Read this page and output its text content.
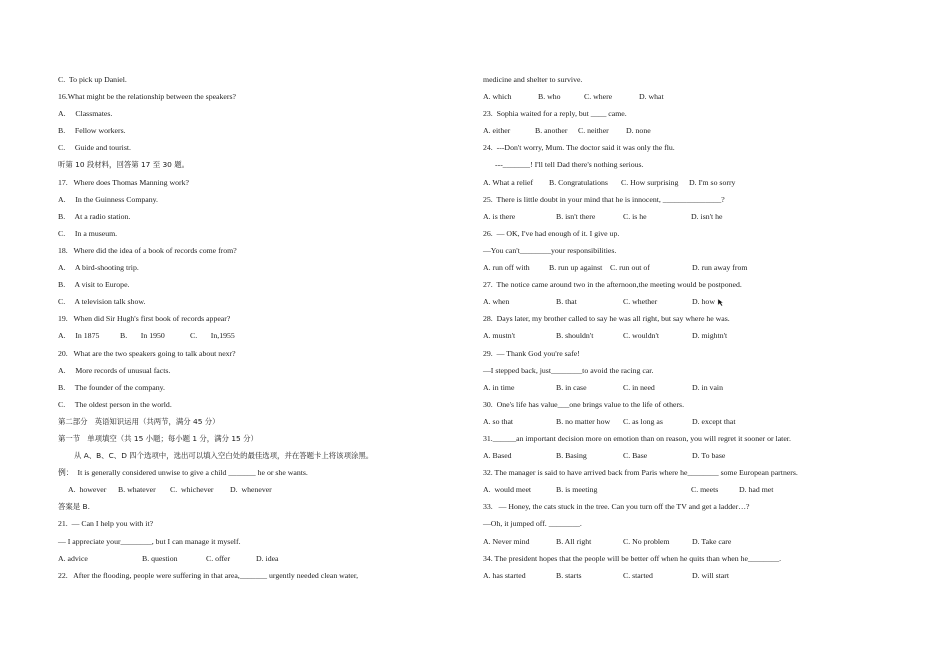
C.  To pick up Daniel.
16.What might be the relationship between the speakers?
A.     Classmates.
B.     Fellow workers.
C.     Guide and tourist.
听第 10 段材料，回答第 17 至 30 题。
17.   Where does Thomas Manning work?
A.     In the Guinness Company.
B.     At a radio station.
C.     In a museum.
18.   Where did the idea of a book of records come from?
A.     A bird-shooting trip.
B.     A visit to Europe.
C.     A television talk show.
19.   When did Sir Hugh's first book of records appear?
A.     In 1875	B.       In 1950	C.       In,1955
20.   What are the two speakers going to talk about nexr?
A.     More records of unusual facts.
B.     The founder of the company.
C.     The oldest person in the world.
第二部分   英语知识运用（共两节，满分 45 分）
第一节   单项填空（共 15 小题；每小题 1 分，满分 15 分）
从 A、B、C、D 四个选项中，选出可以填入空白处的最佳选项，并在答题卡上将该项涂黑。
例：  It is generally considered unwise to give a child _______ he or she wants.
A.  however B. whatever C.  whichever D.  whenever
答案是 B.
21.  — Can I help you with it?
— I appreciate your________, but I can manage it myself.
A. advice	B. question	C. offer	D. idea
22.   After the flooding, people were suffering in that area,_______ urgently needed clean water,
medicine and shelter to survive.
A. which	B. who	C. where	D. what
23.  Sophia waited for a reply, but ____ came.
A. either	B. another C. neither D. none
24.  ---Don't worry, Mum. The doctor said it was only the flu.
---_______! I'll tell Dad there's nothing serious.
A. What a relief B. Congratulations C. How surprising D. I'm so sorry
25.  There is little doubt in your mind that he is innocent, _______________?
A. is there	B. isn't there	C. is he	D. isn't he
26.  — OK, I've had enough of it. I give up.
—You can't________your responsibilities.
A. run off with B. run up against C. run out of	D. run away from
27.  The notice came around two in the afternoon,the meeting would be postponed.
A. when	B. that	C. whether	D. how
28.  Days later, my brother called to say he was all right, but say where he was.
A. mustn't	B. shouldn't	C. wouldn't	D. mightn't
29.  — Thank God you're safe!
—I stepped back, just________to avoid the racing car.
A. in time	B. in case	C. in need	D. in vain
30.  One's life has value___one brings value to the life of others.
A. so that	B. no matter how C. as long as	D. except that
31.______an important decision more on emotion than on reason, you will regret it sooner or later.
A. Based	B. Basing	C. Base	D. To base
32. The manager is said to have arrived back from Paris where he________ some European partners.
A.  would meet	B. is meeting	C. meets	D. had met
33.   — Honey, the cats stuck in the tree. Can you turn off the TV and get a ladder…?
—Oh, it jumped off. ________.
A. Never mind	B. All right	C. No problem	D. Take care
34. The president hopes that the people will be better off when he quits than when he________.
A. has started	B. starts	C. started	D. will start
